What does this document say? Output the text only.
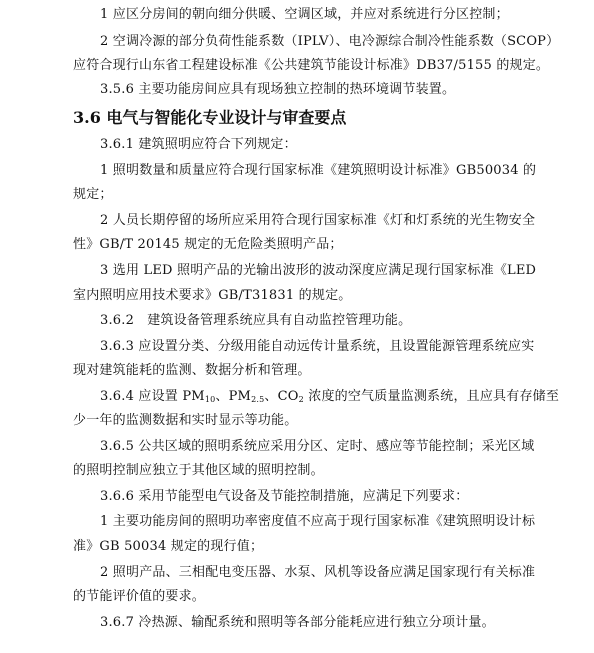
1 应区分房间的朝向细分供暖、空调区域，并应对系统进行分区控制；
2 空调冷源的部分负荷性能系数（IPLV）、电冷源综合制冷性能系数（SCOP）
应符合现行山东省工程建设标准《公共建筑节能设计标准》DB37/5155 的规定。
3.5.6 主要功能房间应具有现场独立控制的热环境调节装置。
3.6 电气与智能化专业设计与审查要点
3.6.1 建筑照明应符合下列规定：
1 照明数量和质量应符合现行国家标准《建筑照明设计标准》GB50034 的
规定；
2 人员长期停留的场所应采用符合现行国家标准《灯和灯系统的光生物安全
性》GB/T 20145 规定的无危险类照明产品；
3 选用 LED 照明产品的光输出波形的波动深度应满足现行国家标准《LED
室内照明应用技术要求》GB/T31831 的规定。
3.6.2　建筑设备管理系统应具有自动监控管理功能。
3.6.3 应设置分类、分级用能自动远传计量系统，且设置能源管理系统应实
现对建筑能耗的监测、数据分析和管理。
3.6.4 应设置 $PM_{10}$、$PM_{2.5}$、$CO_2$ 浓度的空气质量监测系统，且应具有存储至
少一年的监测数据和实时显示等功能。
3.6.5 公共区域的照明系统应采用分区、定时、感应等节能控制；采光区域
的照明控制应独立于其他区域的照明控制。
3.6.6 采用节能型电气设备及节能控制措施，应满足下列要求：
1 主要功能房间的照明功率密度值不应高于现行国家标准《建筑照明设计标
准》GB 50034 规定的现行值；
2 照明产品、三相配电变压器、水泵、风机等设备应满足国家现行有关标准
的节能评价值的要求。
3.6.7 冷热源、输配系统和照明等各部分能耗应进行独立分项计量。
